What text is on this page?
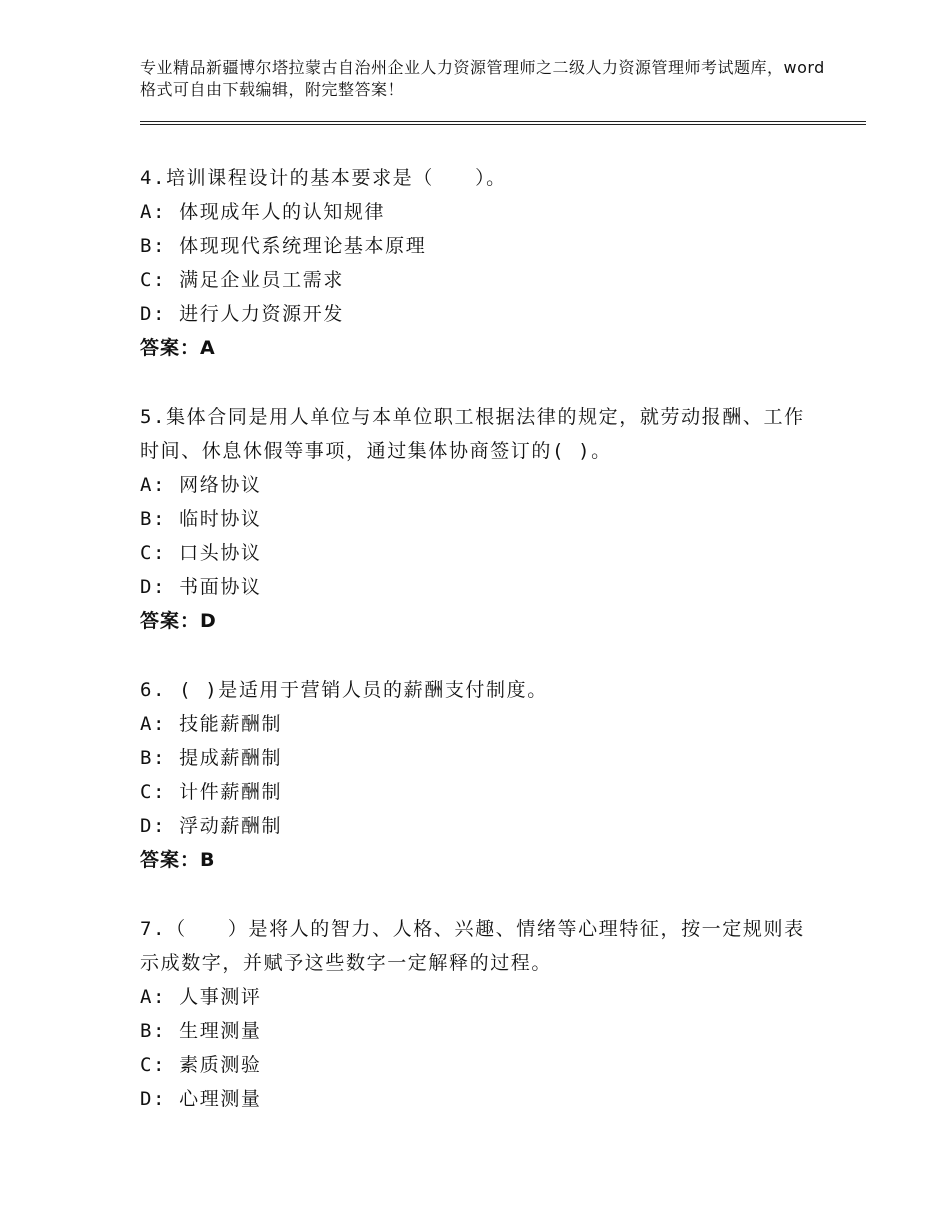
专业精品新疆博尔塔拉蒙古自治州企业人力资源管理师之二级人力资源管理师考试题库，word格式可自由下载编辑，附完整答案！
4.培训课程设计的基本要求是（　　）。
A: 体现成年人的认知规律
B: 体现现代系统理论基本原理
C: 满足企业员工需求
D: 进行人力资源开发
答案：A
5.集体合同是用人单位与本单位职工根据法律的规定，就劳动报酬、工作时间、休息休假等事项，通过集体协商签订的( )。
A: 网络协议
B: 临时协议
C: 口头协议
D: 书面协议
答案：D
6. ( )是适用于营销人员的薪酬支付制度。
A: 技能薪酬制
B: 提成薪酬制
C: 计件薪酬制
D: 浮动薪酬制
答案：B
7.（　　）是将人的智力、人格、兴趣、情绪等心理特征，按一定规则表示成数字，并赋予这些数字一定解释的过程。
A: 人事测评
B: 生理测量
C: 素质测验
D: 心理测量
